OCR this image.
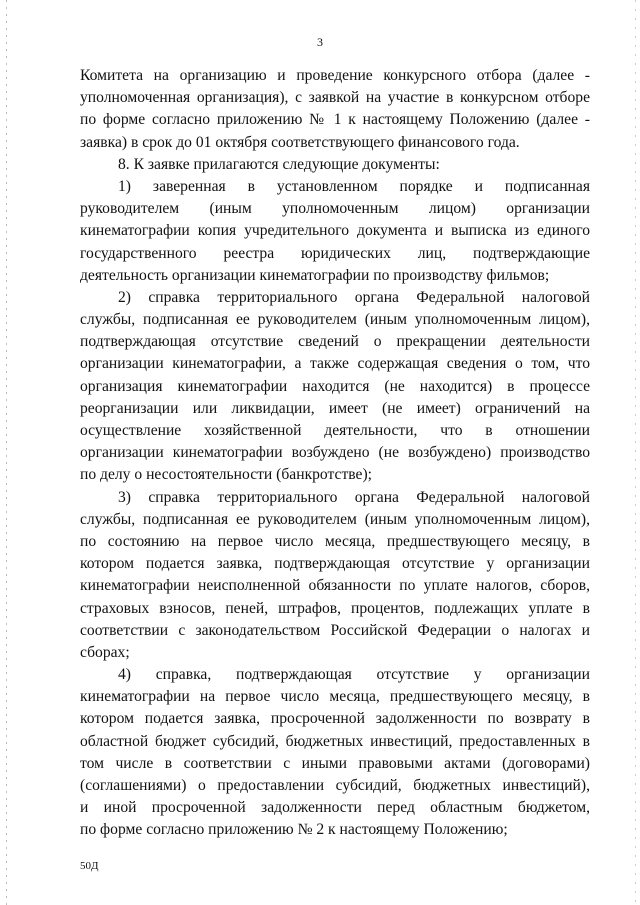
3
Комитета на организацию и проведение конкурсного отбора (далее -
уполномоченная организация), с заявкой на участие в конкурсном отборе
по форме согласно приложению № 1 к настоящему Положению (далее -
заявка) в срок до 01 октября соответствующего финансового года.
8. К заявке прилагаются следующие документы:
1) заверенная в установленном порядке и подписанная
руководителем (иным уполномоченным лицом) организации
кинематографии копия учредительного документа и выписка из единого
государственного реестра юридических лиц, подтверждающие
деятельность организации кинематографии по производству фильмов;
2) справка территориального органа Федеральной налоговой
службы, подписанная ее руководителем (иным уполномоченным лицом),
подтверждающая отсутствие сведений о прекращении деятельности
организации кинематографии, а также содержащая сведения о том, что
организация кинематографии находится (не находится) в процессе
реорганизации или ликвидации, имеет (не имеет) ограничений на
осуществление хозяйственной деятельности, что в отношении
организации кинематографии возбуждено (не возбуждено) производство
по делу о несостоятельности (банкротстве);
3) справка территориального органа Федеральной налоговой
службы, подписанная ее руководителем (иным уполномоченным лицом),
по состоянию на первое число месяца, предшествующего месяцу, в
котором подается заявка, подтверждающая отсутствие у организации
кинематографии неисполненной обязанности по уплате налогов, сборов,
страховых взносов, пеней, штрафов, процентов, подлежащих уплате в
соответствии с законодательством Российской Федерации о налогах и
сборах;
4) справка, подтверждающая отсутствие у организации
кинематографии на первое число месяца, предшествующего месяцу, в
котором подается заявка, просроченной задолженности по возврату в
областной бюджет субсидий, бюджетных инвестиций, предоставленных в
том числе в соответствии с иными правовыми актами (договорами)
(соглашениями) о предоставлении субсидий, бюджетных инвестиций),
и иной просроченной задолженности перед областным бюджетом,
по форме согласно приложению № 2 к настоящему Положению;
50Д
